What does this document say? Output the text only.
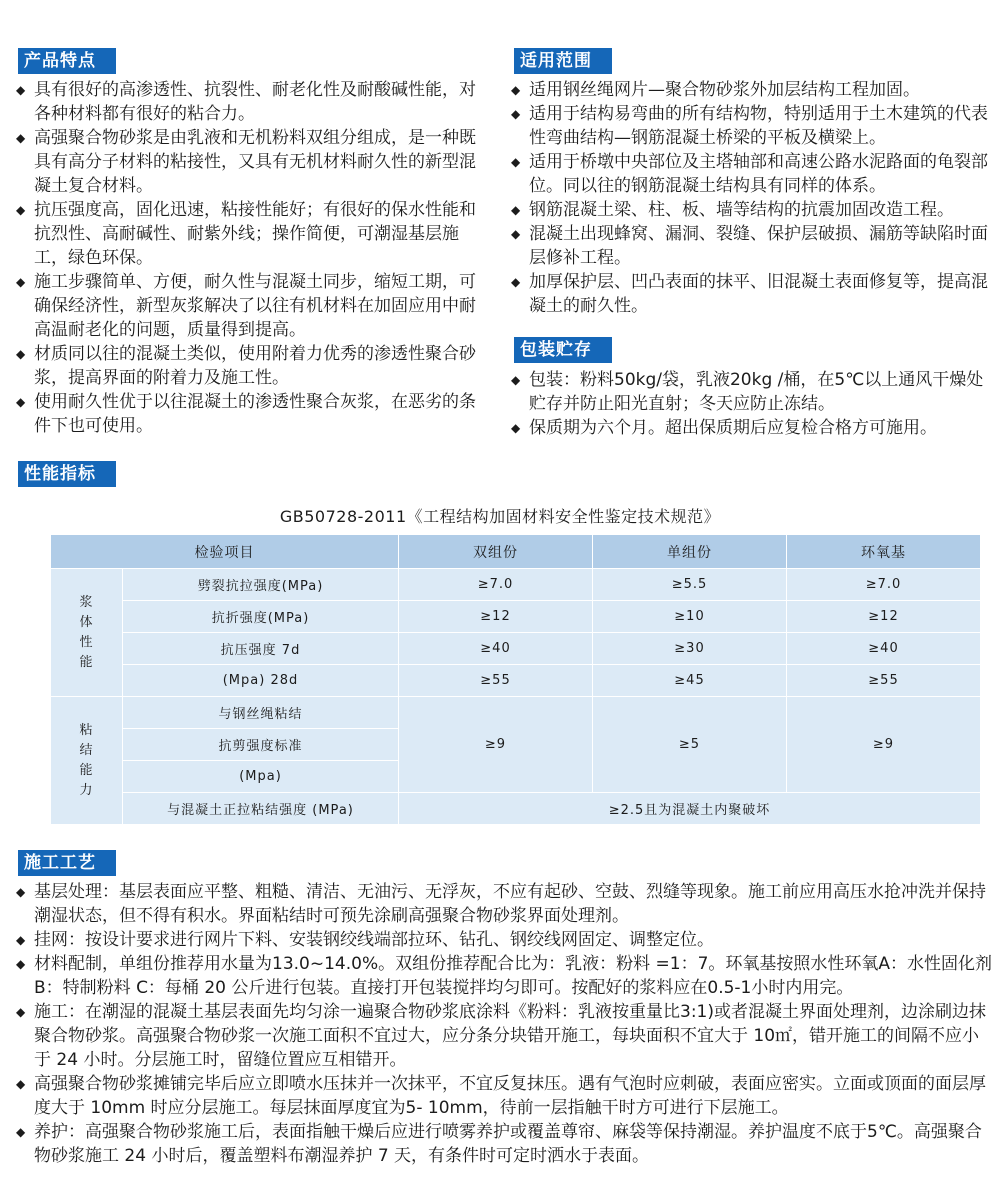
产品特点
◆ 具有很好的高渗透性、抗裂性、耐老化性及耐酸碱性能，对各种材料都有很好的粘合力。
◆ 高强聚合物砂浆是由乳液和无机粉料双组分组成，是一种既具有高分子材料的粘接性，又具有无机材料耐久性的新型混凝土复合材料。
◆ 抗压强度高，固化迅速，粘接性能好；有很好的保水性能和抗烈性、高耐碱性、耐紫外线；操作简便，可潮湿基层施工，绿色环保。
◆ 施工步骤简单、方便，耐久性与混凝土同步，缩短工期，可确保经济性，新型灰浆解决了以往有机材料在加固应用中耐高温耐老化的问题，质量得到提高。
◆ 材质同以往的混凝土类似，使用附着力优秀的渗透性聚合砂浆，提高界面的附着力及施工性。
◆ 使用耐久性优于以往混凝土的渗透性聚合灰浆，在恶劣的条件下也可使用。
适用范围
◆ 适用钢丝绳网片—聚合物砂浆外加层结构工程加固。
◆ 适用于结构易弯曲的所有结构物，特别适用于土木建筑的代表性弯曲结构—钢筋混凝土桥梁的平板及横梁上。
◆ 适用于桥墩中央部位及主塔轴部和高速公路水泥路面的龟裂部位。同以往的钢筋混凝土结构具有同样的体系。
◆ 钢筋混凝土梁、柱、板、墙等结构的抗震加固改造工程。
◆ 混凝土出现蜂窝、漏洞、裂缝、保护层破损、漏筋等缺陷时面层修补工程。
◆ 加厚保护层、凹凸表面的抹平、旧混凝土表面修复等，提高混凝土的耐久性。
包装贮存
◆ 包装：粉料50kg/袋，乳液20kg /桶，在5℃以上通风干燥处贮存并防止阳光直射；冬天应防止冻结。
◆ 保质期为六个月。超出保质期后应复检合格方可施用。
性能指标
GB50728-2011《工程结构加固材料安全性鉴定技术规范》
检验项目		双组份	单组份	环氧基
浆
体
性
能	劈裂抗拉强度(MPa)	≥7.0	≥5.5	≥7.0
	抗折强度(MPa)	≥12	≥10	≥12
	抗压强度 7d	≥40	≥30	≥40
	(Mpa) 28d	≥55	≥45	≥55
粘
结
能
力	与钢丝绳粘结	≥9	≥5	≥9
	抗剪强度标准			
	(Mpa)			
	与混凝土正拉粘结强度 (MPa)	≥2.5且为混凝土内聚破坏		
施工工艺
◆ 基层处理：基层表面应平整、粗糙、清洁、无油污、无浮灰，不应有起砂、空鼓、烈缝等现象。施工前应用高压水抢冲洗并保持潮湿状态，但不得有积水。界面粘结时可预先涂刷高强聚合物砂浆界面处理剂。
◆ 挂网：按设计要求进行网片下料、安装钢绞线端部拉环、钻孔、钢绞线网固定、调整定位。
◆ 材料配制，单组份推荐用水量为13.0~14.0%。双组份推荐配合比为：乳液：粉料 =1：7。环氧基按照水性环氧A：水性固化剂 B：特制粉料 C：每桶 20 公斤进行包装。直接打开包装搅拌均匀即可。按配好的浆料应在0.5-1小时内用完。
◆ 施工：在潮湿的混凝土基层表面先均匀涂一遍聚合物砂浆底涂料《粉料：乳液按重量比3:1)或者混凝土界面处理剂，边涂刷边抹聚合物砂浆。高强聚合物砂浆一次施工面积不宜过大，应分条分块错开施工，每块面积不宜大于 10㎡，错开施工的间隔不应小于 24 小时。分层施工时，留缝位置应互相错开。
◆ 高强聚合物砂浆摊铺完毕后应立即喷水压抹并一次抹平，不宜反复抹压。遇有气泡时应刺破，表面应密实。立面或顶面的面层厚度大于 10mm 时应分层施工。每层抹面厚度宜为5- 10mm，待前一层指触干时方可进行下层施工。
◆ 养护：高强聚合物砂浆施工后，表面指触干燥后应进行喷雾养护或覆盖尊帘、麻袋等保持潮湿。养护温度不底于5℃。高强聚合物砂浆施工 24 小时后，覆盖塑料布潮湿养护 7 天，有条件时可定时洒水于表面。
